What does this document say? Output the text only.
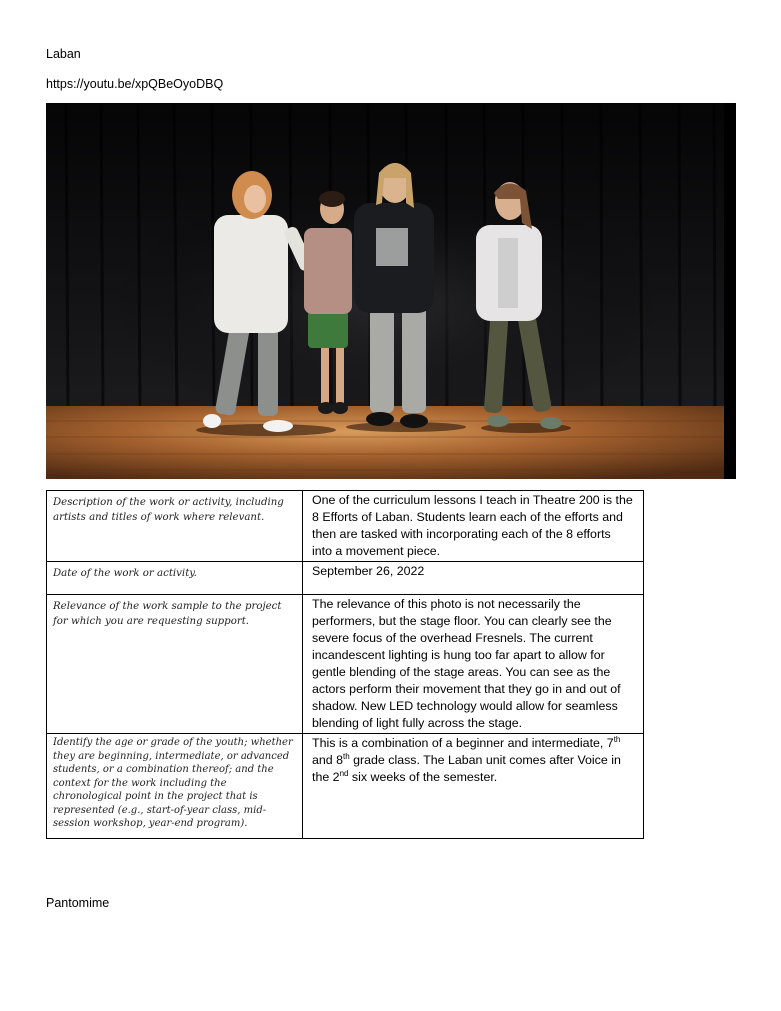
Laban
https://youtu.be/xpQBeOyoDBQ
Description of the work or activity, including artists and titles of work where relevant.	One of the curriculum lessons I teach in Theatre 200 is the 8 Efforts of Laban. Students learn each of the efforts and then are tasked with incorporating each of the 8 efforts into a movement piece.
Date of the work or activity.	September 26, 2022
Relevance of the work sample to the project for which you are requesting support.	The relevance of this photo is not necessarily the performers, but the stage floor. You can clearly see the severe focus of the overhead Fresnels. The current incandescent lighting is hung too far apart to allow for gentle blending of the stage areas. You can see as the actors perform their movement that they go in and out of shadow. New LED technology would allow for seamless blending of light fully across the stage.
Identify the age or grade of the youth; whether they are beginning, intermediate, or advanced students, or a combination thereof; and the context for the work including the chronological point in the project that is represented (e.g., start-of-year class, mid-session workshop, year-end program).	This is a combination of a beginner and intermediate, 7th and 8th grade class. The Laban unit comes after Voice in the 2nd six weeks of the semester.
Pantomime
